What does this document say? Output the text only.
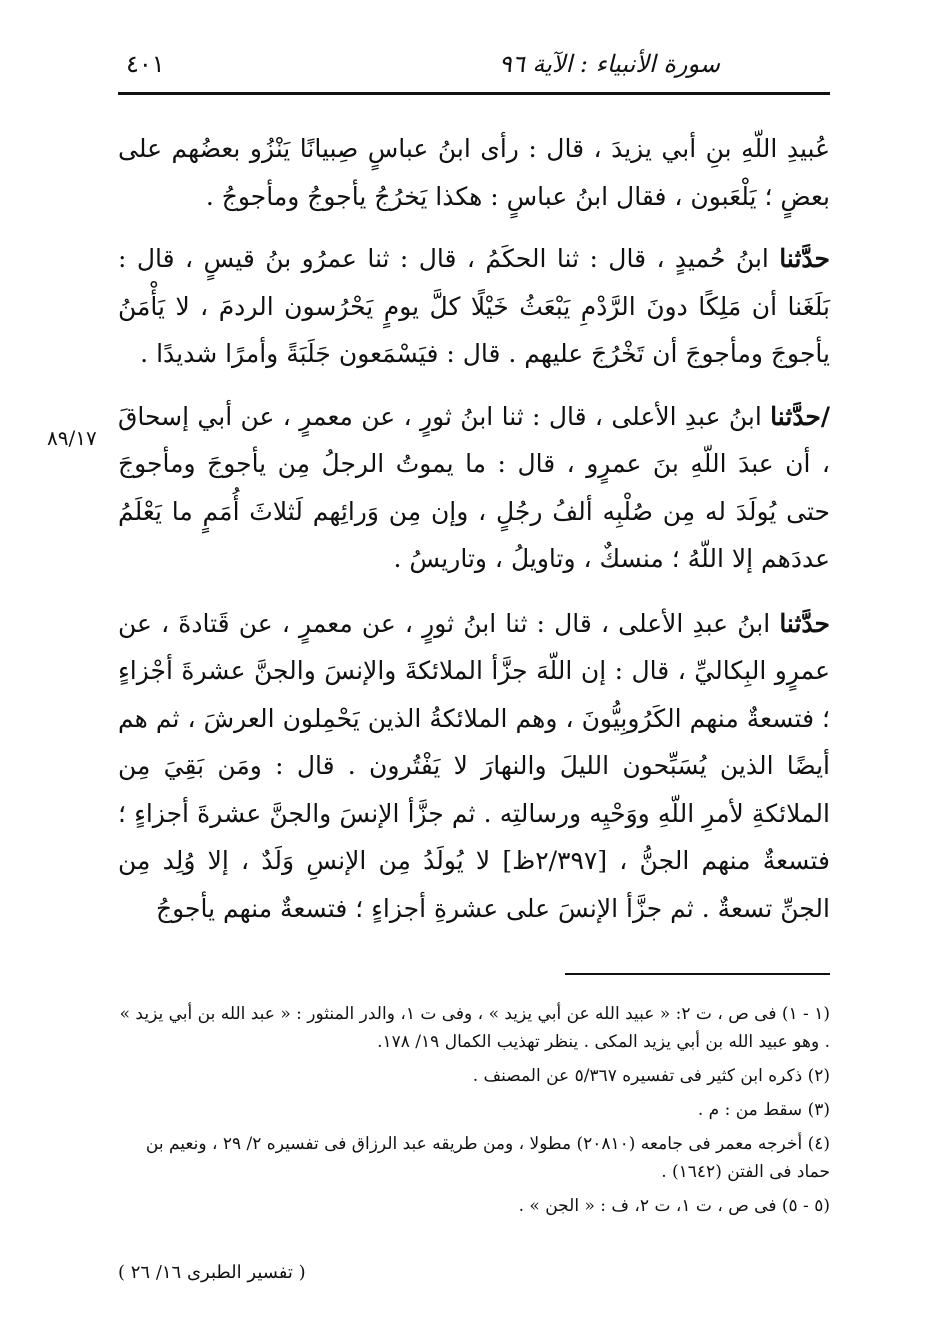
سورة الأنبياء : الآية ٩٦
٤٠١
٨٩/١٧

عُبيدِ اللّهِ بنِ أبي يزيدَ ، قال : رأى ابنُ عباسٍ صِبيانًا يَنْزُو بعضُهم على بعضٍ ؛ يَلْعَبون ، فقال ابنُ عباسٍ : هكذا يَخرُجُ يأجوجُ ومأجوجُ .

حدَّثنا ابنُ حُميدٍ ، قال : ثنا الحكَمُ ، قال : ثنا عمرُو بنُ قيسٍ ، قال : بَلَغَنا أن مَلِكًا دونَ الرَّدْمِ يَبْعَثُ خَيْلًا كلَّ يومٍ يَحْرُسون الردمَ ، لا يَأْمَنُ يأجوجَ ومأجوجَ أن تَخْرُجَ عليهم . قال : فيَسْمَعون جَلَبَةً وأمرًا شديدًا .

/حدَّثنا ابنُ عبدِ الأعلى ، قال : ثنا ابنُ ثورٍ ، عن معمرٍ ، عن أبي إسحاقَ ، أن عبدَ اللّهِ بنَ عمرٍو ، قال : ما يموتُ الرجلُ مِن يأجوجَ ومأجوجَ حتى يُولَدَ له مِن صُلْبِه ألفُ رجُلٍ ، وإن مِن وَرائِهم لَثلاثَ أُمَمٍ ما يَعْلَمُ عددَهم إلا اللّهُ ؛ منسكٌ ، وتاويلُ ، وتاريسُ .

حدَّثنا ابنُ عبدِ الأعلى ، قال : ثنا ابنُ ثورٍ ، عن معمرٍ ، عن قَتادةَ ، عن عمرٍو البِكاليِّ ، قال : إن اللّهَ جزَّأ الملائكةَ والإنسَ والجنَّ عشرةَ أجْزاءٍ ؛ فتسعةٌ منهم الكَرُوبِيُّونَ ، وهم الملائكةُ الذين يَحْمِلون العرشَ ، ثم هم أيضًا الذين يُسَبِّحون الليلَ والنهارَ لا يَفْتُرون . قال : ومَن بَقِيَ مِن الملائكةِ لأمرِ اللّهِ ووَحْيِه ورسالتِه . ثم جزَّأ الإنسَ والجنَّ عشرةَ أجزاءٍ ؛ فتسعةٌ منهم الجنُّ ، [٢/٣٩٧ظ] لا يُولَدُ مِن الإنسِ وَلَدٌ ، إلا وُلِد مِن الجنِّ تسعةٌ . ثم جزَّأ الإنسَ على عشرةِ أجزاءٍ ؛ فتسعةٌ منهم يأجوجُ

(١ - ١) فى ص ، ت ٢: « عبيد الله عن أبي يزيد » ، وفى ت ١، والدر المنثور : « عبد الله بن أبي يزيد » . وهو عبيد الله بن أبي يزيد المكى . ينظر تهذيب الكمال ١٩/ ١٧٨.

(٢) ذكره ابن كثير فى تفسيره ٥/٣٦٧ عن المصنف .

(٣) سقط من : م .

(٤) أخرجه معمر فى جامعه (٢٠٨١٠) مطولا ، ومن طريقه عبد الرزاق فى تفسيره ٢/ ٢٩ ، ونعيم بن حماد فى الفتن (١٦٤٢) .

(٥ - ٥) فى ص ، ت ١، ت ٢، ف : « الجن » .

( تفسير الطبرى ١٦/ ٢٦ )
